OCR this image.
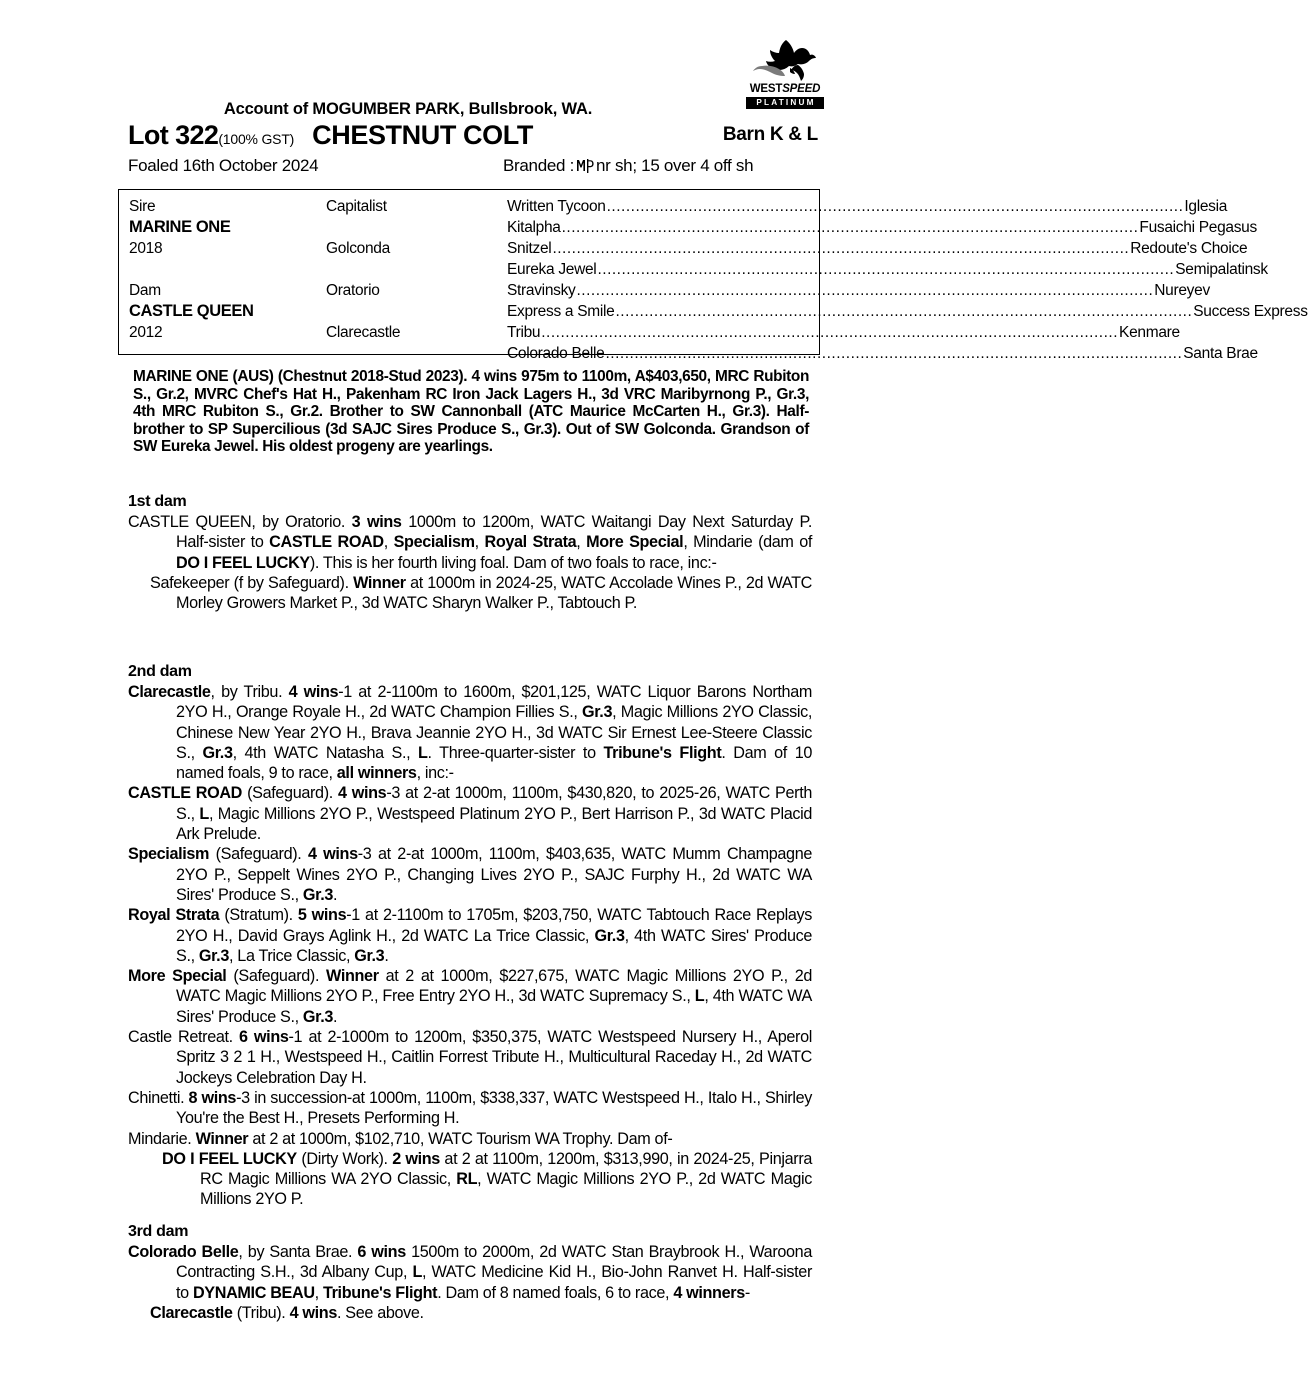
WESTSPEED
PLATINUM
Account of MOGUMBER PARK, Bullsbrook, WA.
Lot 322(100% GST) CHESTNUT COLT	Barn K & L
Foaled 16th October 2024	Branded : nr sh; 15 over 4 off sh
Sire
MARINE ONE
2018
Dam
CASTLE QUEEN
2012
Capitalist
Golconda
Oratorio
Clarecastle
Written Tycoon ........................................................................................................................ Iglesia
Kitalpha ........................................................................................................................ Fusaichi Pegasus
Snitzel ........................................................................................................................ Redoute's Choice
Eureka Jewel ........................................................................................................................ Semipalatinsk
Stravinsky ........................................................................................................................ Nureyev
Express a Smile ........................................................................................................................ Success Express
Tribu ........................................................................................................................ Kenmare
Colorado Belle ........................................................................................................................ Santa Brae
MARINE ONE (AUS) (Chestnut 2018-Stud 2023). 4 wins 975m to 1100m, A$403,650, MRC Rubiton S., Gr.2, MVRC Chef's Hat H., Pakenham RC Iron Jack Lagers H., 3d VRC Maribyrnong P., Gr.3, 4th MRC Rubiton S., Gr.2. Brother to SW Cannonball (ATC Maurice McCarten H., Gr.3). Half-brother to SP Supercilious (3d SAJC Sires Produce S., Gr.3). Out of SW Golconda. Grandson of SW Eureka Jewel. His oldest progeny are yearlings.
1st dam

CASTLE QUEEN, by Oratorio. 3 wins 1000m to 1200m, WATC Waitangi Day Next Saturday P. Half-sister to CASTLE ROAD, Specialism, Royal Strata, More Special, Mindarie (dam of DO I FEEL LUCKY). This is her fourth living foal. Dam of two foals to race, inc:-

Safekeeper (f by Safeguard). Winner at 1000m in 2024-25, WATC Accolade Wines P., 2d WATC Morley Growers Market P., 3d WATC Sharyn Walker P., Tabtouch P.

2nd dam

Clarecastle, by Tribu. 4 wins-1 at 2-1100m to 1600m, $201,125, WATC Liquor Barons Northam 2YO H., Orange Royale H., 2d WATC Champion Fillies S., Gr.3, Magic Millions 2YO Classic, Chinese New Year 2YO H., Brava Jeannie 2YO H., 3d WATC Sir Ernest Lee-Steere Classic S., Gr.3, 4th WATC Natasha S., L. Three-quarter-sister to Tribune's Flight. Dam of 10 named foals, 9 to race, all winners, inc:-

CASTLE ROAD (Safeguard). 4 wins-3 at 2-at 1000m, 1100m, $430,820, to 2025-26, WATC Perth S., L, Magic Millions 2YO P., Westspeed Platinum 2YO P., Bert Harrison P., 3d WATC Placid Ark Prelude.

Specialism (Safeguard). 4 wins-3 at 2-at 1000m, 1100m, $403,635, WATC Mumm Champagne 2YO P., Seppelt Wines 2YO P., Changing Lives 2YO P., SAJC Furphy H., 2d WATC WA Sires' Produce S., Gr.3.

Royal Strata (Stratum). 5 wins-1 at 2-1100m to 1705m, $203,750, WATC Tabtouch Race Replays 2YO H., David Grays Aglink H., 2d WATC La Trice Classic, Gr.3, 4th WATC Sires' Produce S., Gr.3, La Trice Classic, Gr.3.

More Special (Safeguard). Winner at 2 at 1000m, $227,675, WATC Magic Millions 2YO P., 2d WATC Magic Millions 2YO P., Free Entry 2YO H., 3d WATC Supremacy S., L, 4th WATC WA Sires' Produce S., Gr.3.

Castle Retreat. 6 wins-1 at 2-1000m to 1200m, $350,375, WATC Westspeed Nursery H., Aperol Spritz 3 2 1 H., Westspeed H., Caitlin Forrest Tribute H., Multicultural Raceday H., 2d WATC Jockeys Celebration Day H.

Chinetti. 8 wins-3 in succession-at 1000m, 1100m, $338,337, WATC Westspeed H., Italo H., Shirley You're the Best H., Presets Performing H.

Mindarie. Winner at 2 at 1000m, $102,710, WATC Tourism WA Trophy. Dam of-

DO I FEEL LUCKY (Dirty Work). 2 wins at 2 at 1100m, 1200m, $313,990, in 2024-25, Pinjarra RC Magic Millions WA 2YO Classic, RL, WATC Magic Millions 2YO P., 2d WATC Magic Millions 2YO P.

3rd dam

Colorado Belle, by Santa Brae. 6 wins 1500m to 2000m, 2d WATC Stan Braybrook H., Waroona Contracting S.H., 3d Albany Cup, L, WATC Medicine Kid H., Bio-John Ranvet H. Half-sister to DYNAMIC BEAU, Tribune's Flight. Dam of 8 named foals, 6 to race, 4 winners-

Clarecastle (Tribu). 4 wins. See above.
